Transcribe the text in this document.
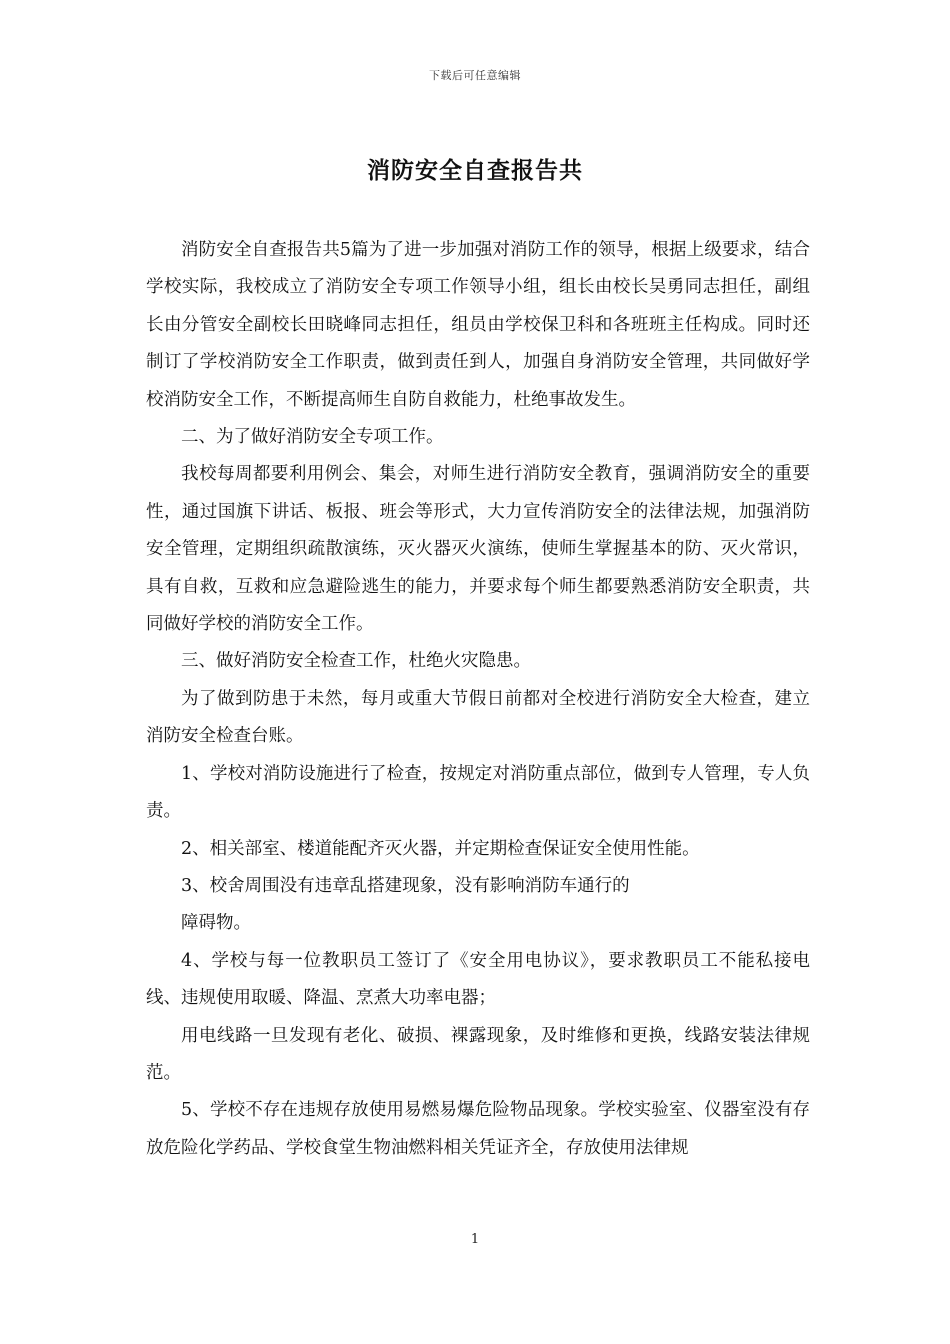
下载后可任意编辑
消防安全自查报告共

消防安全自查报告共5篇为了进一步加强对消防工作的领导，根据上级要求，结合学校实际，我校成立了消防安全专项工作领导小组，组长由校长吴勇同志担任，副组长由分管安全副校长田晓峰同志担任，组员由学校保卫科和各班班主任构成。同时还制订了学校消防安全工作职责，做到责任到人，加强自身消防安全管理，共同做好学校消防安全工作，不断提高师生自防自救能力，杜绝事故发生。

二、为了做好消防安全专项工作。

我校每周都要利用例会、集会，对师生进行消防安全教育，强调消防安全的重要性，通过国旗下讲话、板报、班会等形式，大力宣传消防安全的法律法规，加强消防安全管理，定期组织疏散演练，灭火器灭火演练，使师生掌握基本的防、灭火常识，具有自救，互救和应急避险逃生的能力，并要求每个师生都要熟悉消防安全职责，共同做好学校的消防安全工作。

三、做好消防安全检查工作，杜绝火灾隐患。

为了做到防患于未然，每月或重大节假日前都对全校进行消防安全大检查，建立消防安全检查台账。

1、学校对消防设施进行了检查，按规定对消防重点部位，做到专人管理，专人负责。

2、相关部室、楼道能配齐灭火器，并定期检查保证安全使用性能。

3、校舍周围没有违章乱搭建现象，没有影响消防车通行的

障碍物。

4、学校与每一位教职员工签订了《安全用电协议》，要求教职员工不能私接电线、违规使用取暖、降温、烹煮大功率电器；

用电线路一旦发现有老化、破损、裸露现象，及时维修和更换，线路安装法律规范。

5、学校不存在违规存放使用易燃易爆危险物品现象。学校实验室、仪器室没有存放危险化学药品、学校食堂生物油燃料相关凭证齐全，存放使用法律规

1
